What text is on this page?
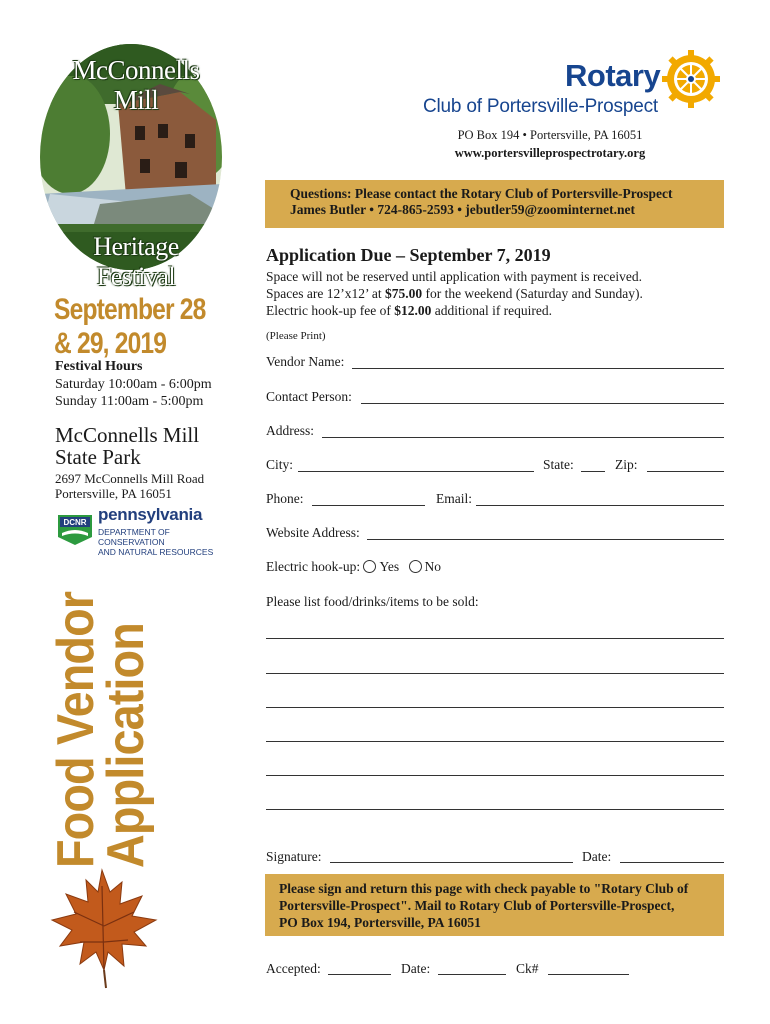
McConnells Mill
Heritage Festival
September 28
& 29, 2019
Festival Hours
Saturday 10:00am - 6:00pm
Sunday 11:00am - 5:00pm
McConnells Mill
State Park
2697 McConnells Mill Road
Portersville, PA 16051
DCNR pennsylvania
DEPARTMENT OF CONSERVATION
AND NATURAL RESOURCES
Food Vendor
Application
Rotary
Club of Portersville-Prospect
PO Box 194 • Portersville, PA 16051
www.portersvilleprospectrotary.org
Questions: Please contact the Rotary Club of Portersville-Prospect
James Butler • 724-865-2593 • jebutler59@zoominternet.net
Application Due – September 7, 2019
Space will not be reserved until application with payment is received.
Spaces are 12’x12’ at $75.00 for the weekend (Saturday and Sunday).
Electric hook-up fee of $12.00 additional if required.
(Please Print)
Vendor Name:
Contact Person:
Address:
City:	State:	Zip:
Phone:	Email:
Website Address:
Electric hook-up: Yes No
Please list food/drinks/items to be sold:
Signature:	Date:
Please sign and return this page with check payable to "Rotary Club of
Portersville-Prospect". Mail to Rotary Club of Portersville-Prospect,
PO Box 194, Portersville, PA 16051
Accepted:	Date:	Ck#
